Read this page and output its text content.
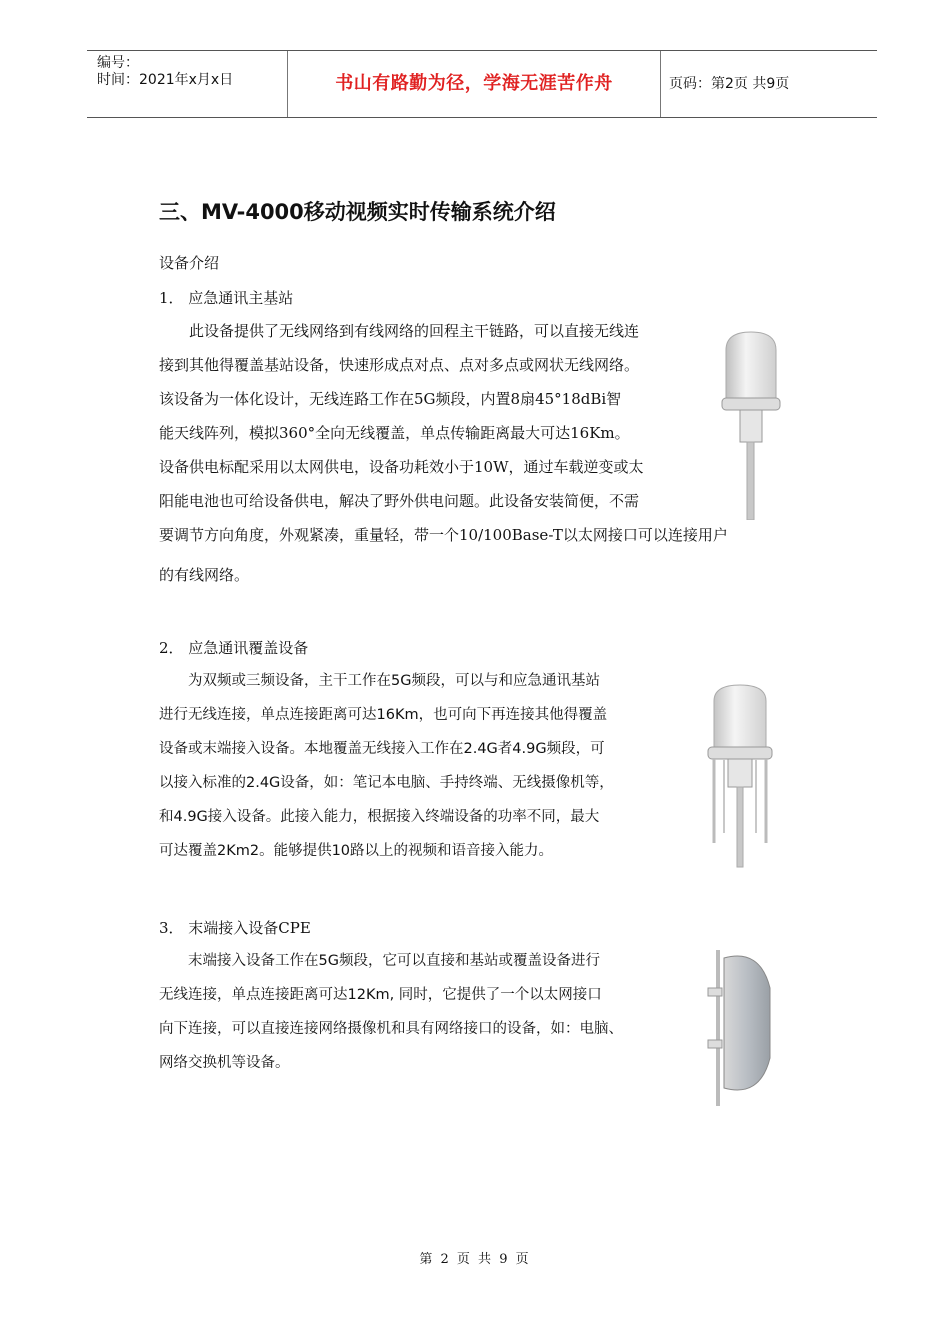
编号：
时间：2021年x月x日	书山有路勤为径，学海无涯苦作舟	页码：第2页 共9页
三、MV-4000移动视频实时传输系统介绍
设备介绍
1． 应急通讯主基站
　　此设备提供了无线网络到有线网络的回程主干链路，可以直接无线连
接到其他得覆盖基站设备，快速形成点对点、点对多点或网状无线网络。
该设备为一体化设计，无线连路工作在5G频段，内置8扇45°18dBi智
能天线阵列，模拟360°全向无线覆盖，单点传输距离最大可达16Km。
设备供电标配采用以太网供电，设备功耗效小于10W，通过车载逆变或太
阳能电池也可给设备供电，解决了野外供电问题。此设备安装简便，不需
要调节方向角度，外观紧凑，重量轻，带一个10/100Base-T以太网接口可以连接用户
的有线网络。
2． 应急通讯覆盖设备
　　为双频或三频设备，主干工作在5G频段，可以与和应急通讯基站
进行无线连接，单点连接距离可达16Km，也可向下再连接其他得覆盖
设备或末端接入设备。本地覆盖无线接入工作在2.4G者4.9G频段，可
以接入标准的2.4G设备，如：笔记本电脑、手持终端、无线摄像机等，
和4.9G接入设备。此接入能力，根据接入终端设备的功率不同，最大
可达覆盖2Km2。能够提供10路以上的视频和语音接入能力。
3． 末端接入设备CPE
　　末端接入设备工作在5G频段，它可以直接和基站或覆盖设备进行
无线连接，单点连接距离可达12Km, 同时，它提供了一个以太网接口
向下连接，可以直接连接网络摄像机和具有网络接口的设备，如：电脑、
网络交换机等设备。
第 2 页 共 9 页
